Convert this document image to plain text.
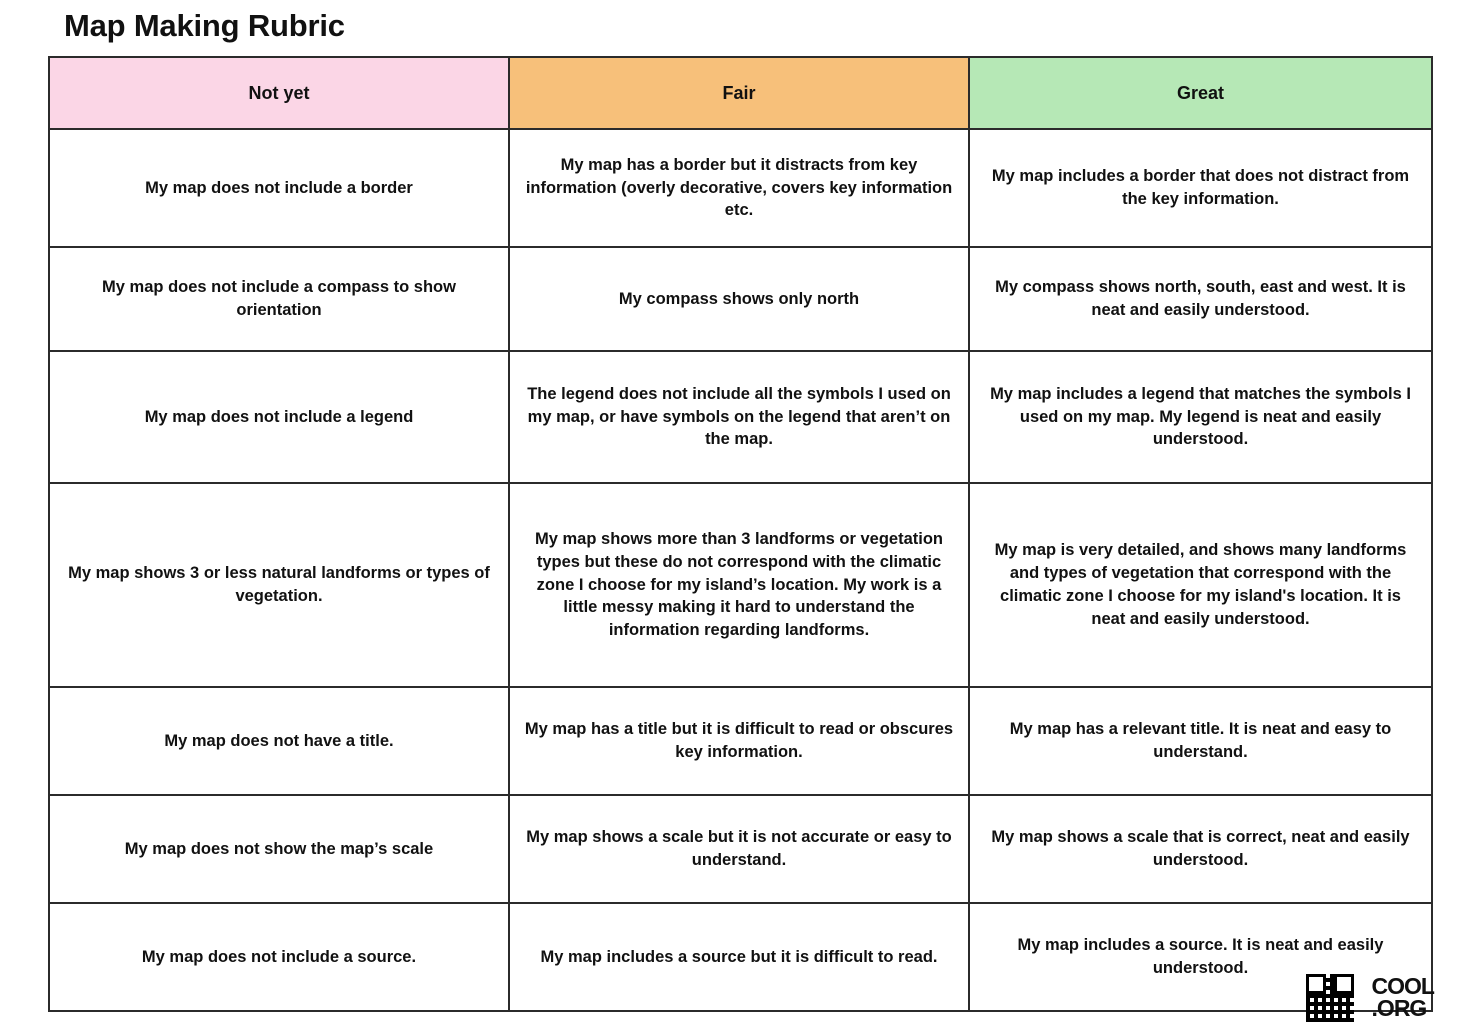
Map Making Rubric
Not yet	Fair	Great
My map does not include a border	My map has a border but it distracts from key information (overly decorative, covers key information etc.	My map includes a border that does not distract from the key information.
My map does not include a compass to show orientation	My compass shows only north	My compass shows north, south, east and west. It is neat and easily understood.
My map does not include a legend	The legend does not include all the symbols I used on my map, or have symbols on the legend that aren’t on the map.	My map includes a legend that matches the symbols I used on my map. My legend is neat and easily understood.
My map shows 3 or less natural landforms or types of vegetation.	My map shows more than 3 landforms or vegetation types but these do not correspond with the climatic zone I choose for my island’s location. My work is a little messy making it hard to understand the information regarding landforms.	My map is very detailed, and shows many landforms and types of vegetation that correspond with the climatic zone I choose for my island's location. It is neat and easily understood.
My map does not have a title.	My map has a title but it is difficult to read or obscures key information.	My map has a relevant title. It is neat and easy to understand.
My map does not show the map’s scale	My map shows a scale but it is not accurate or easy to understand.	My map shows a scale that is correct, neat and easily understood.
My map does not include a source.	My map includes a source but it is difficult to read.	My map includes a source. It is neat and easily understood.
COOL
.ORG
